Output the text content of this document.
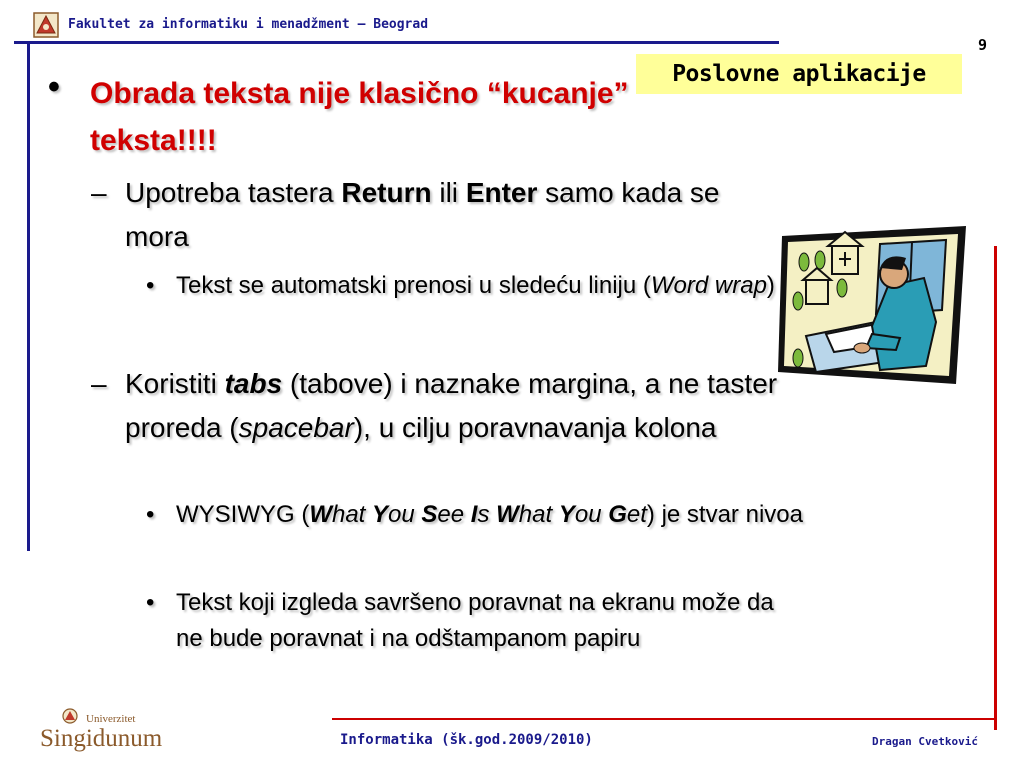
Fakultet za informatiku i menadžment – Beograd
9
Poslovne aplikacije
• Obrada teksta nije klasično “kucanje” teksta!!!!
– Upotreba tastera Return ili Enter samo kada se mora
• Tekst se automatski prenosi u sledeću liniju (Word wrap)
– Koristiti tabs (tabove) i naznake margina, a ne taster proreda (spacebar), u cilju poravnavanja kolona
• WYSIWYG (What You See Is What You Get) je stvar nivoa
• Tekst koji izgleda savršeno poravnat na ekranu može da ne bude poravnat i na odštampanom papiru
Univerzitet
Singidunum	Informatika (šk.god.2009/2010)	Dragan Cvetković
